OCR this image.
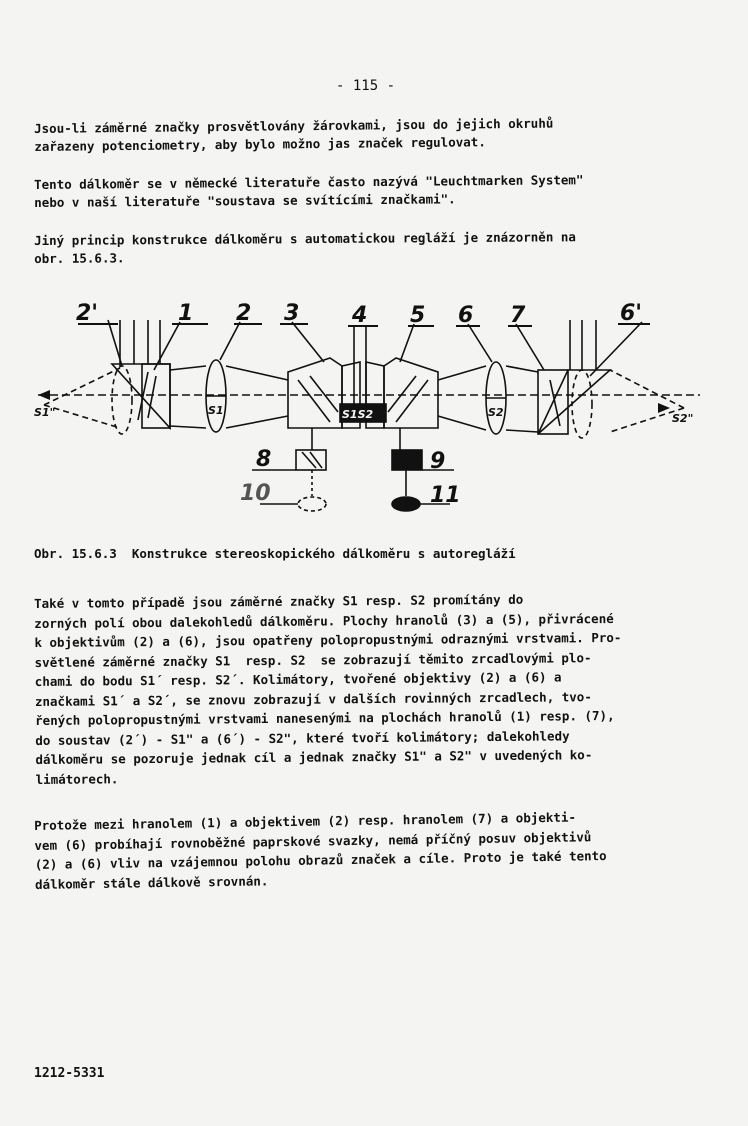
- 115 -
Jsou-li záměrné značky prosvětlovány žárovkami, jsou do jejich okruhů
zařazeny potenciometry, aby bylo možno jas značek regulovat.
Tento dálkoměr se v německé literatuře často nazývá "Leuchtmarken System"
nebo v naší literatuře "soustava se svítícími značkami".
Jiný princip konstrukce dálkoměru s automatickou regláží je znázorněn na
obr. 15.6.3.
2'	1 2 3 4 5 6 7	6'
8	9
10	11
S1"	S2"
S1	S2
S1S2
Obr. 15.6.3  Konstrukce stereoskopického dálkoměru s autoregláží
Také v tomto případě jsou záměrné značky S1 resp. S2 promítány do
zorných polí obou dalekohledů dálkoměru. Plochy hranolů (3) a (5), přivrácené
k objektivům (2) a (6), jsou opatřeny polopropustnými odraznými vrstvami. Pro-
světlené záměrné značky S1  resp. S2  se zobrazují těmito zrcadlovými plo-
chami do bodu S1´ resp. S2´. Kolimátory, tvořené objektivy (2) a (6) a
značkami S1´ a S2´, se znovu zobrazují v dalších rovinných zrcadlech, tvo-
řených polopropustnými vrstvami nanesenými na plochách hranolů (1) resp. (7),
do soustav (2´) - S1" a (6´) - S2", které tvoří kolimátory; dalekohledy
dálkoměru se pozoruje jednak cíl a jednak značky S1" a S2" v uvedených ko-
limátorech.
Protože mezi hranolem (1) a objektivem (2) resp. hranolem (7) a objekti-
vem (6) probíhají rovnoběžné paprskové svazky, nemá příčný posuv objektivů
(2) a (6) vliv na vzájemnou polohu obrazů značek a cíle. Proto je také tento
dálkoměr stále dálkově srovnán.
1212-5331
